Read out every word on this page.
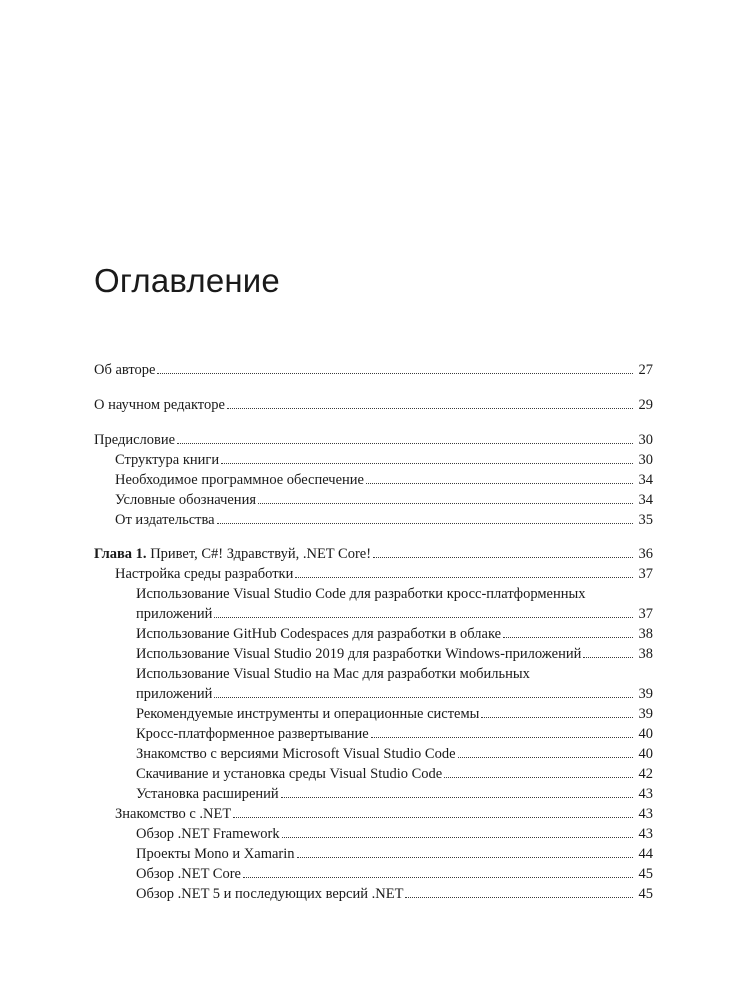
Оглавление
Об авторе	27
О научном редакторе	29
Предисловие	30
Структура книги	30
Необходимое программное обеспечение	34
Условные обозначения	34
От издательства	35
Глава 1. Привет, C#! Здравствуй, .NET Core!	36
Настройка среды разработки	37
Использование Visual Studio Code для разработки кросс-платформенных
приложений	37
Использование GitHub Codespaces для разработки в облаке	38
Использование Visual Studio 2019 для разработки Windows-приложений	38
Использование Visual Studio на Mac для разработки мобильных
приложений	39
Рекомендуемые инструменты и операционные системы	39
Кросс-платформенное развертывание	40
Знакомство с версиями Microsoft Visual Studio Code	40
Скачивание и установка среды Visual Studio Code	42
Установка расширений	43
Знакомство с .NET	43
Обзор .NET Framework	43
Проекты Mono и Xamarin	44
Обзор .NET Core	45
Обзор .NET 5 и последующих версий .NET	45
